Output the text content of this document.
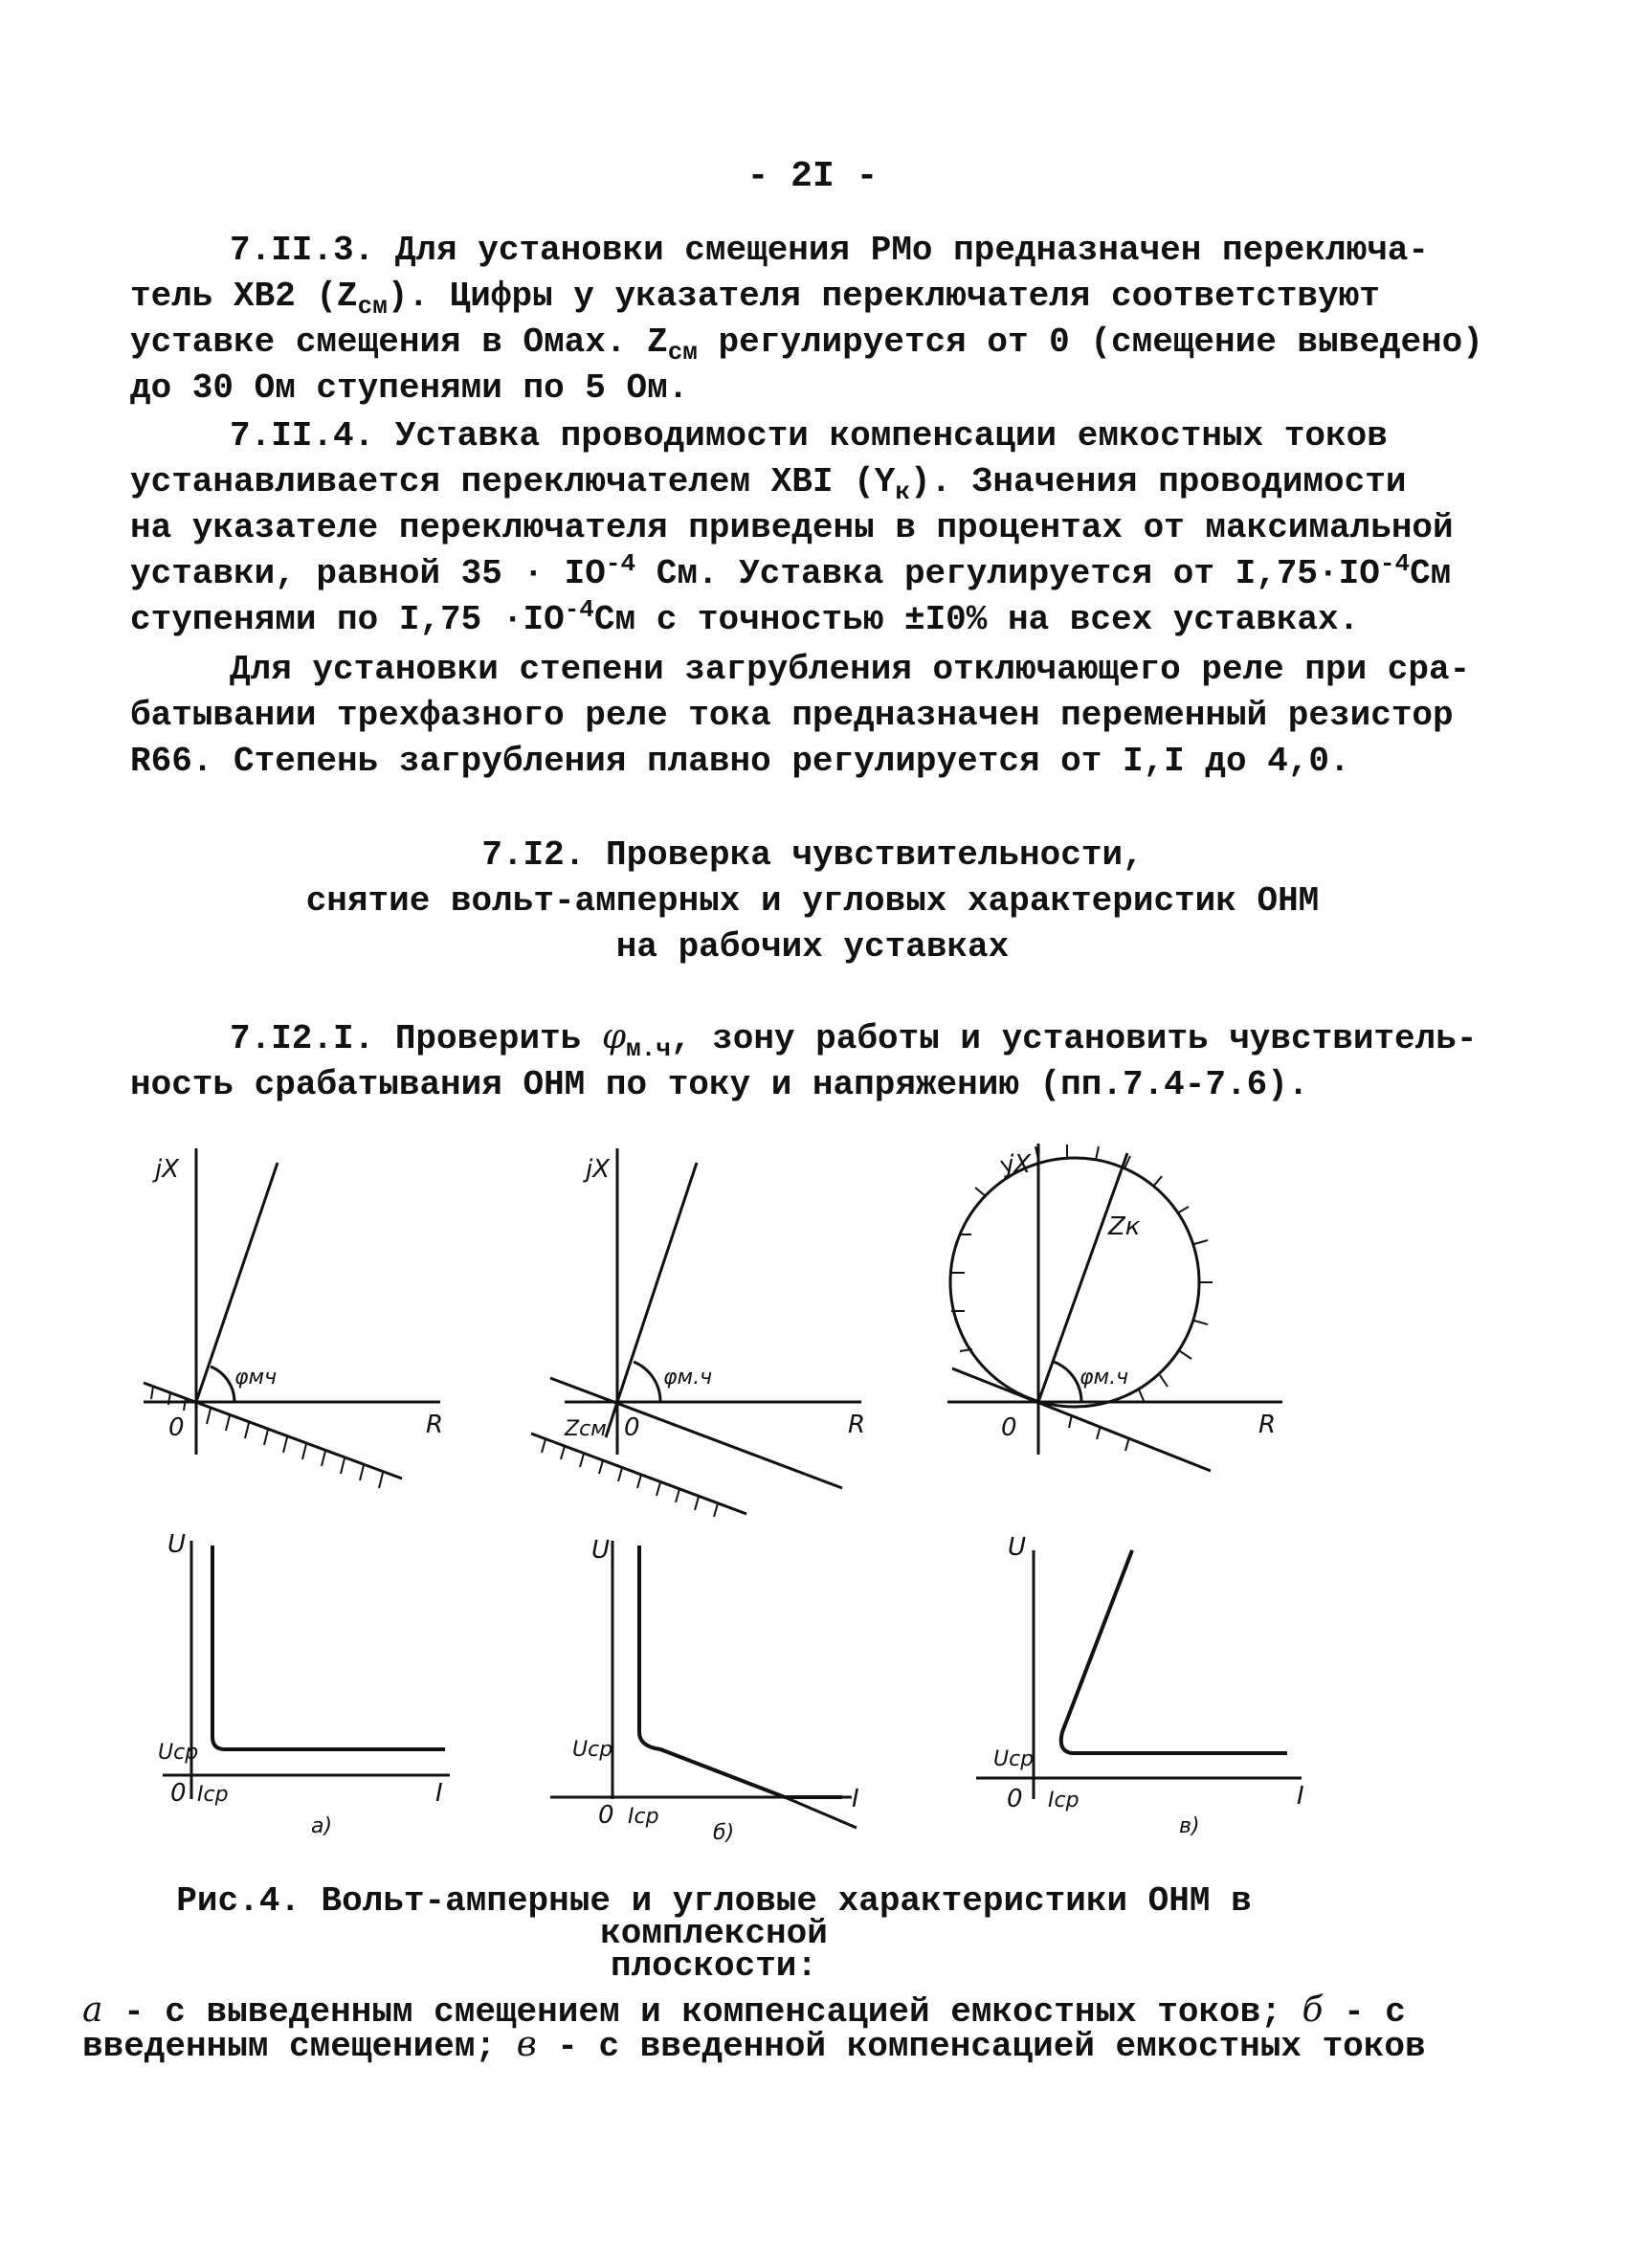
- 2I -
7.II.3. Для установки смещения РМо предназначен переключа-
тель ХВ2 $(Z_{см})$. Цифры у указателя переключателя соответствуют
уставке смещения в Омах. $Z_{см}$ регулируется от 0 (смещение выведено)
до 30 Ом ступенями по 5 Ом.
7.II.4. Уставка проводимости компенсации емкостных токов
устанавливается переключателем ХВI $(Y_к)$. Значения проводимости
на указателе переключателя приведены в процентах от максимальной
уставки, равной $35 \cdot IO^{-4}$ См. Уставка регулируется от $I,75\cdot IO^{-4}См$
ступенями по $I,75 \cdot IO^{-4}См$ с точностью ±I0% на всех уставках.
Для установки степени загрубления отключающего реле при сра-
батывании трехфазного реле тока предназначен переменный резистор
R66. Степень загрубления плавно регулируется от I,I до 4,0.
7.I2. Проверка чувствительности,
снятие вольт-амперных и угловых характеристик ОНМ
на рабочих уставках
7.I2.I. Проверить $\varphi_{м.ч}$, зону работы и установить чувствитель-
ность срабатывания ОНМ по току и напряжению (пп.7.4-7.6).
jX
R
0
φмч
jX
R
0
φм.ч
Zсм
jX
R
0
φм.ч
Zк
U
Uср
0 Iср	I
а)
U
Uср
0 Iср
I
б)
U
Uср
0 Iср	I
в)
Рис.4. Вольт-амперные и угловые характеристики ОНМ в комплексной
плоскости:
а - с выведенным смещением и компенсацией емкостных токов; б - с
введенным смещением; в - с введенной компенсацией емкостных токов
